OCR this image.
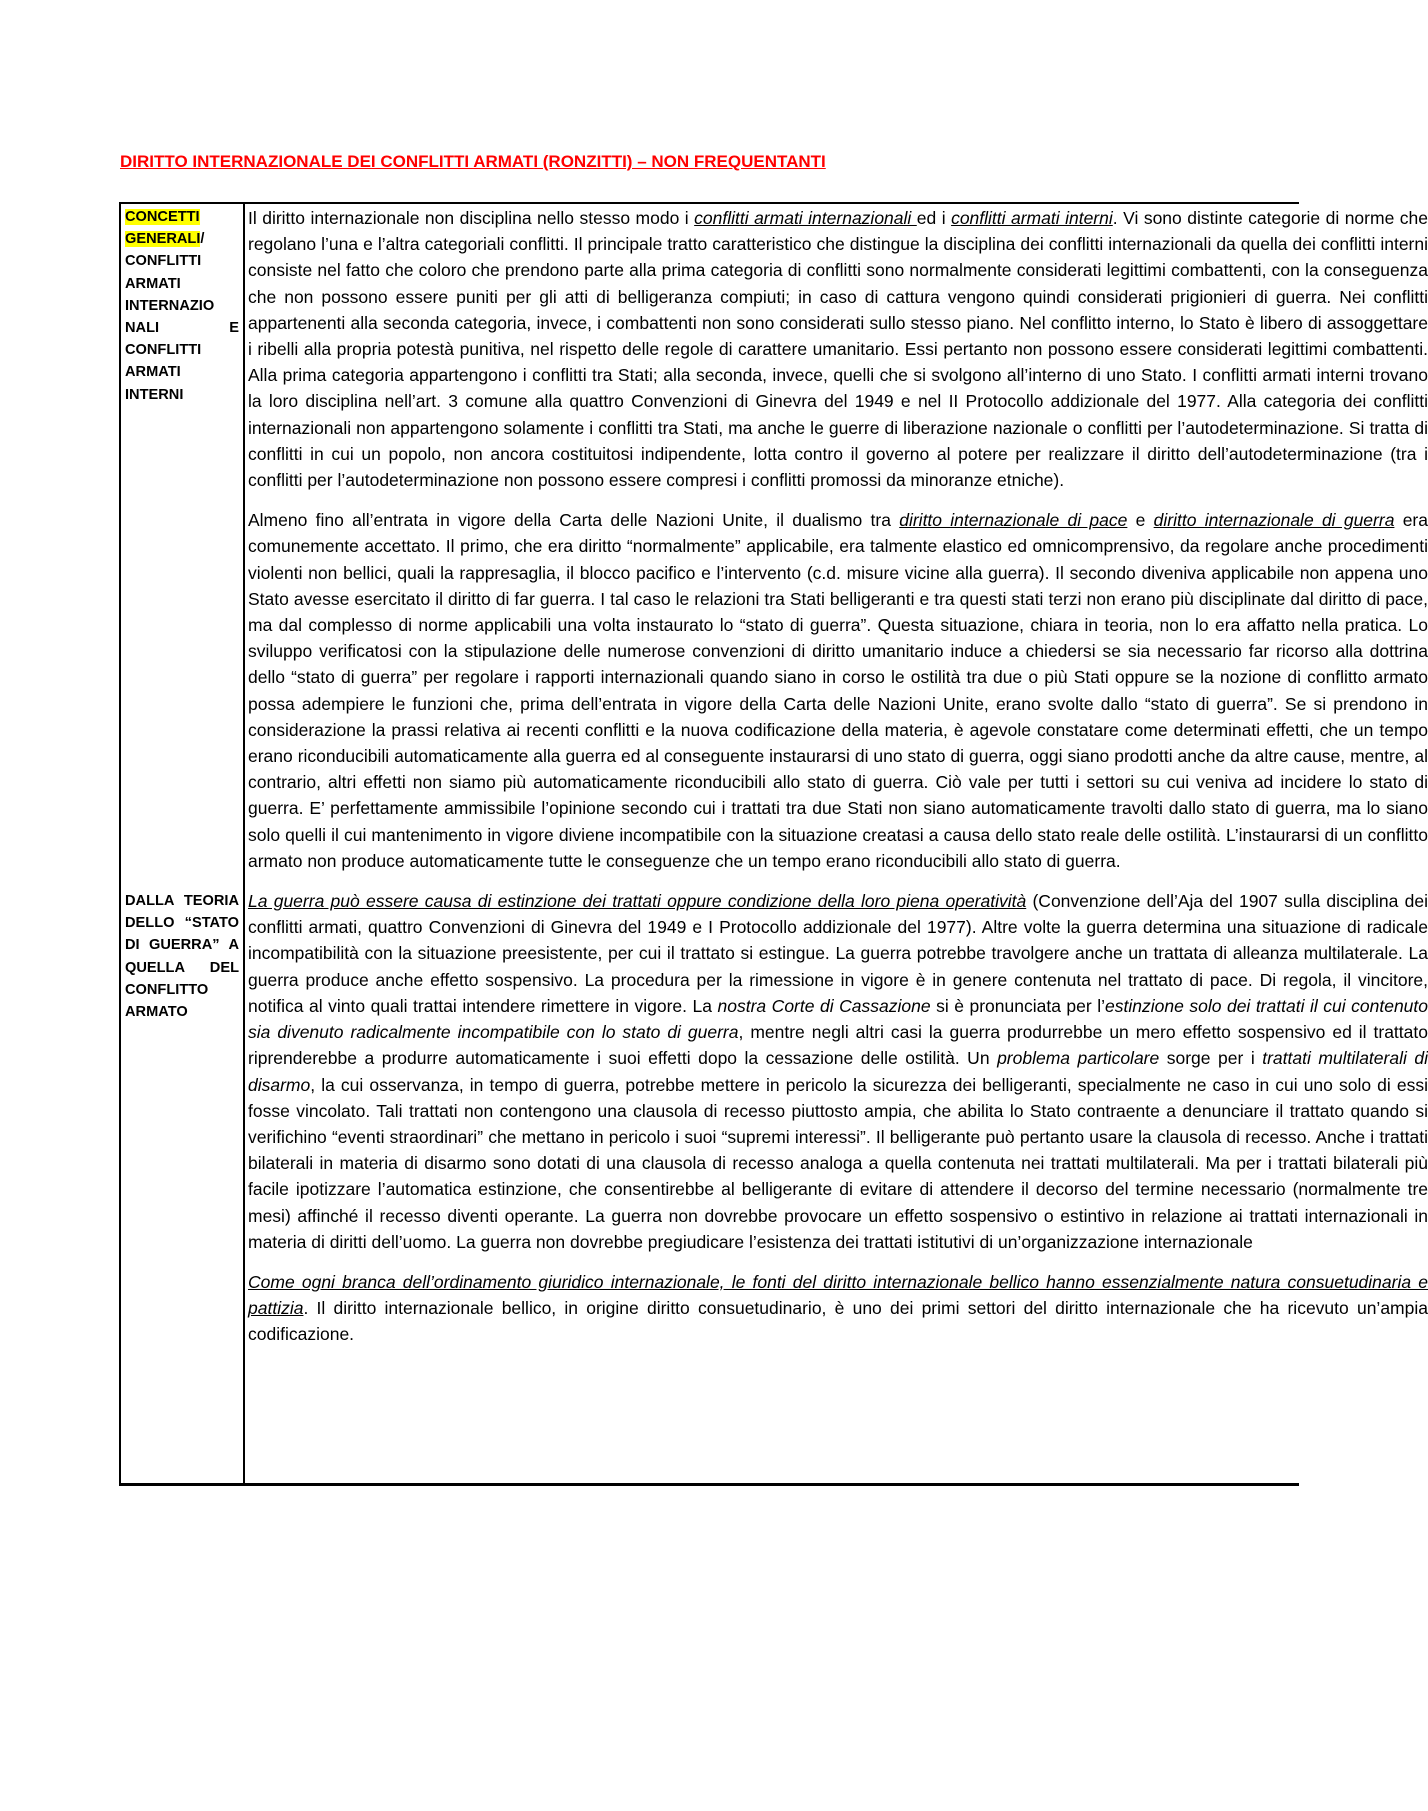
DIRITTO INTERNAZIONALE DEI CONFLITTI ARMATI (RONZITTI) – NON FREQUENTANTI
CONCETTI GENERALI/ CONFLITTI ARMATI INTERNAZIO NALI E CONFLITTI ARMATI INTERNI
DALLA TEORIA DELLO “STATO DI GUERRA” A QUELLA DEL CONFLITTO ARMATO

Il diritto internazionale non disciplina nello stesso modo i conflitti armati internazionali ed i conflitti armati interni. Vi sono distinte categorie di norme che regolano l’una e l’altra categoriali conflitti. Il principale tratto caratteristico che distingue la disciplina dei conflitti internazionali da quella dei conflitti interni consiste nel fatto che coloro che prendono parte alla prima categoria di conflitti sono normalmente considerati legittimi combattenti, con la conseguenza che non possono essere puniti per gli atti di belligeranza compiuti; in caso di cattura vengono quindi considerati prigionieri di guerra. Nei conflitti appartenenti alla seconda categoria, invece, i combattenti non sono considerati sullo stesso piano. Nel conflitto interno, lo Stato è libero di assoggettare i ribelli alla propria potestà punitiva, nel rispetto delle regole di carattere umanitario. Essi pertanto non possono essere considerati legittimi combattenti. Alla prima categoria appartengono i conflitti tra Stati; alla seconda, invece, quelli che si svolgono all’interno di uno Stato. I conflitti armati interni trovano la loro disciplina nell’art. 3 comune alla quattro Convenzioni di Ginevra del 1949 e nel II Protocollo addizionale del 1977. Alla categoria dei conflitti internazionali non appartengono solamente i conflitti tra Stati, ma anche le guerre di liberazione nazionale o conflitti per l’autodeterminazione. Si tratta di conflitti in cui un popolo, non ancora costituitosi indipendente, lotta contro il governo al potere per realizzare il diritto dell’autodeterminazione (tra i conflitti per l’autodeterminazione non possono essere compresi i conflitti promossi da minoranze etniche).

Almeno fino all’entrata in vigore della Carta delle Nazioni Unite, il dualismo tra diritto internazionale di pace e diritto internazionale di guerra era comunemente accettato. Il primo, che era diritto “normalmente” applicabile, era talmente elastico ed omnicomprensivo, da regolare anche procedimenti violenti non bellici, quali la rappresaglia, il blocco pacifico e l’intervento (c.d. misure vicine alla guerra). Il secondo diveniva applicabile non appena uno Stato avesse esercitato il diritto di far guerra. I tal caso le relazioni tra Stati belligeranti e tra questi stati terzi non erano più disciplinate dal diritto di pace, ma dal complesso di norme applicabili una volta instaurato lo “stato di guerra”. Questa situazione, chiara in teoria, non lo era affatto nella pratica. Lo sviluppo verificatosi con la stipulazione delle numerose convenzioni di diritto umanitario induce a chiedersi se sia necessario far ricorso alla dottrina dello “stato di guerra” per regolare i rapporti internazionali quando siano in corso le ostilità tra due o più Stati oppure se la nozione di conflitto armato possa adempiere le funzioni che, prima dell’entrata in vigore della Carta delle Nazioni Unite, erano svolte dallo “stato di guerra”. Se si prendono in considerazione la prassi relativa ai recenti conflitti e la nuova codificazione della materia, è agevole constatare come determinati effetti, che un tempo erano riconducibili automaticamente alla guerra ed al conseguente instaurarsi di uno stato di guerra, oggi siano prodotti anche da altre cause, mentre, al contrario, altri effetti non siamo più automaticamente riconducibili allo stato di guerra. Ciò vale per tutti i settori su cui veniva ad incidere lo stato di guerra. E’ perfettamente ammissibile l’opinione secondo cui i trattati tra due Stati non siano automaticamente travolti dallo stato di guerra, ma lo siano solo quelli il cui mantenimento in vigore diviene incompatibile con la situazione creatasi a causa dello stato reale delle ostilità. L’instaurarsi di un conflitto armato non produce automaticamente tutte le conseguenze che un tempo erano riconducibili allo stato di guerra.

La guerra può essere causa di estinzione dei trattati oppure condizione della loro piena operatività (Convenzione dell’Aja del 1907 sulla disciplina dei conflitti armati, quattro Convenzioni di Ginevra del 1949 e I Protocollo addizionale del 1977). Altre volte la guerra determina una situazione di radicale incompatibilità con la situazione preesistente, per cui il trattato si estingue. La guerra potrebbe travolgere anche un trattata di alleanza multilaterale. La guerra produce anche effetto sospensivo. La procedura per la rimessione in vigore è in genere contenuta nel trattato di pace. Di regola, il vincitore, notifica al vinto quali trattai intendere rimettere in vigore. La nostra Corte di Cassazione si è pronunciata per l’estinzione solo dei trattati il cui contenuto sia divenuto radicalmente incompatibile con lo stato di guerra, mentre negli altri casi la guerra produrrebbe un mero effetto sospensivo ed il trattato riprenderebbe a produrre automaticamente i suoi effetti dopo la cessazione delle ostilità. Un problema particolare sorge per i trattati multilaterali di disarmo, la cui osservanza, in tempo di guerra, potrebbe mettere in pericolo la sicurezza dei belligeranti, specialmente ne caso in cui uno solo di essi fosse vincolato. Tali trattati non contengono una clausola di recesso piuttosto ampia, che abilita lo Stato contraente a denunciare il trattato quando si verifichino “eventi straordinari” che mettano in pericolo i suoi “supremi interessi”. Il belligerante può pertanto usare la clausola di recesso. Anche i trattati bilaterali in materia di disarmo sono dotati di una clausola di recesso analoga a quella contenuta nei trattati multilaterali. Ma per i trattati bilaterali più facile ipotizzare l’automatica estinzione, che consentirebbe al belligerante di evitare di attendere il decorso del termine necessario (normalmente tre mesi) affinché il recesso diventi operante. La guerra non dovrebbe provocare un effetto sospensivo o estintivo in relazione ai trattati internazionali in materia di diritti dell’uomo. La guerra non dovrebbe pregiudicare l’esistenza dei trattati istitutivi di un’organizzazione internazionale

Come ogni branca dell’ordinamento giuridico internazionale, le fonti del diritto internazionale bellico hanno essenzialmente natura consuetudinaria e pattizia. Il diritto internazionale bellico, in origine diritto consuetudinario, è uno dei primi settori del diritto internazionale che ha ricevuto un’ampia codificazione.
